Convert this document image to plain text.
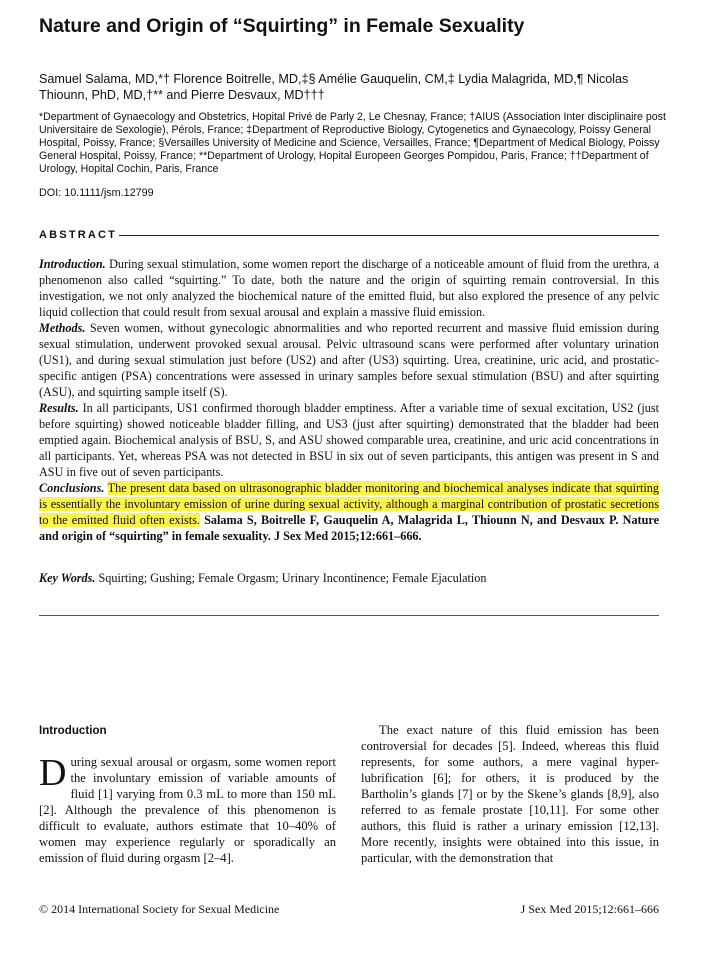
Nature and Origin of “Squirting” in Female Sexuality
Samuel Salama, MD,*† Florence Boitrelle, MD,‡§ Amélie Gauquelin, CM,‡ Lydia Malagrida, MD,¶ Nicolas Thiounn, PhD, MD,†** and Pierre Desvaux, MD†††
*Department of Gynaecology and Obstetrics, Hopital Privé de Parly 2, Le Chesnay, France; †AIUS (Association Inter disciplinaire post Universitaire de Sexologie), Pérols, France; ‡Department of Reproductive Biology, Cytogenetics and Gynaecology, Poissy General Hospital, Poissy, France; §Versailles University of Medicine and Science, Versailles, France; ¶Department of Medical Biology, Poissy General Hospital, Poissy, France; **Department of Urology, Hopital Europeen Georges Pompidou, Paris, France; ††Department of Urology, Hopital Cochin, Paris, France
DOI: 10.1111/jsm.12799
ABSTRACT

Introduction. During sexual stimulation, some women report the discharge of a noticeable amount of fluid from the urethra, a phenomenon also called “squirting.” To date, both the nature and the origin of squirting remain controversial. In this investigation, we not only analyzed the biochemical nature of the emitted fluid, but also explored the presence of any pelvic liquid collection that could result from sexual arousal and explain a massive fluid emission.

Methods. Seven women, without gynecologic abnormalities and who reported recurrent and massive fluid emission during sexual stimulation, underwent provoked sexual arousal. Pelvic ultrasound scans were performed after voluntary urination (US1), and during sexual stimulation just before (US2) and after (US3) squirting. Urea, creatinine, uric acid, and prostatic-specific antigen (PSA) concentrations were assessed in urinary samples before sexual stimulation (BSU) and after squirting (ASU), and squirting sample itself (S).

Results. In all participants, US1 confirmed thorough bladder emptiness. After a variable time of sexual excitation, US2 (just before squirting) showed noticeable bladder filling, and US3 (just after squirting) demonstrated that the bladder had been emptied again. Biochemical analysis of BSU, S, and ASU showed comparable urea, creatinine, and uric acid concentrations in all participants. Yet, whereas PSA was not detected in BSU in six out of seven participants, this antigen was present in S and ASU in five out of seven participants.

Conclusions. The present data based on ultrasonographic bladder monitoring and biochemical analyses indicate that squirting is essentially the involuntary emission of urine during sexual activity, although a marginal contribution of prostatic secretions to the emitted fluid often exists. Salama S, Boitrelle F, Gauquelin A, Malagrida L, Thiounn N, and Desvaux P. Nature and origin of “squirting” in female sexuality. J Sex Med 2015;12:661–666.

Key Words. Squirting; Gushing; Female Orgasm; Urinary Incontinence; Female Ejaculation
Introduction

During sexual arousal or orgasm, some women report the involuntary emission of variable amounts of fluid [1] varying from 0.3 mL to more than 150 mL [2]. Although the prevalence of this phenomenon is difficult to evaluate, authors estimate that 10–40% of women may experience regularly or sporadically an emission of fluid during orgasm [2–4].

The exact nature of this fluid emission has been controversial for decades [5]. Indeed, whereas this fluid represents, for some authors, a mere vaginal hyper-lubrification [6]; for others, it is produced by the Bartholin’s glands [7] or by the Skene’s glands [8,9], also referred to as female prostate [10,11]. For some other authors, this fluid is rather a urinary emission [12,13]. More recently, insights were obtained into this issue, in particular, with the demonstration that

© 2014 International Society for Sexual Medicine	J Sex Med 2015;12:661–666
